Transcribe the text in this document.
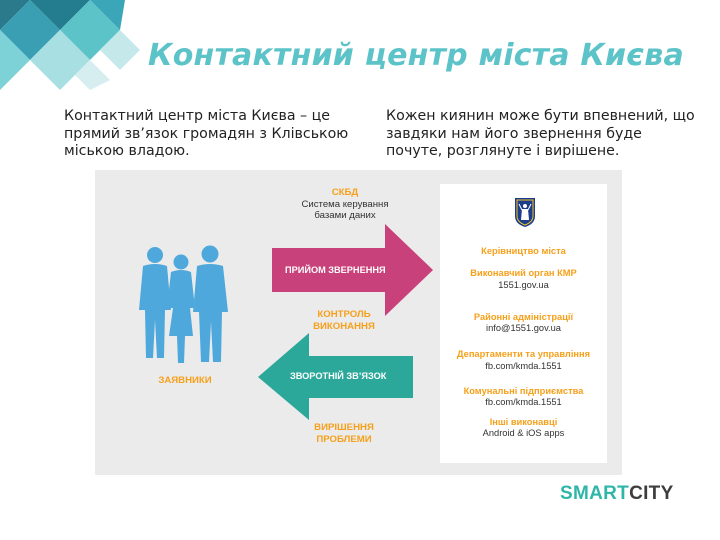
Контактний центр міста Києва
Контактний центр міста Києва – це прямий зв’язок громадян з Клівською міською владою.
Кожен киянин може бути впевнений, що завдяки нам його звернення буде почуте, розглянуте і вирішене.
СКБД
Система керування
базами даних
ПРИЙОМ ЗВЕРНЕННЯ
ЗВОРОТНІЙ ЗВ’ЯЗОК
КОНТРОЛЬ
ВИКОНАННЯ
ВИРІШЕННЯ
ПРОБЛЕМИ
ЗАЯВНИКИ
Керівництво міста
Виконавчий орган КМР
1551.gov.ua
Районні адміністрації
info@1551.gov.ua
Департаменти та управління
fb.com/kmda.1551
Комунальні підприємства
fb.com/kmda.1551
Інші виконавці
Android & iOS apps
SMARTCITY
